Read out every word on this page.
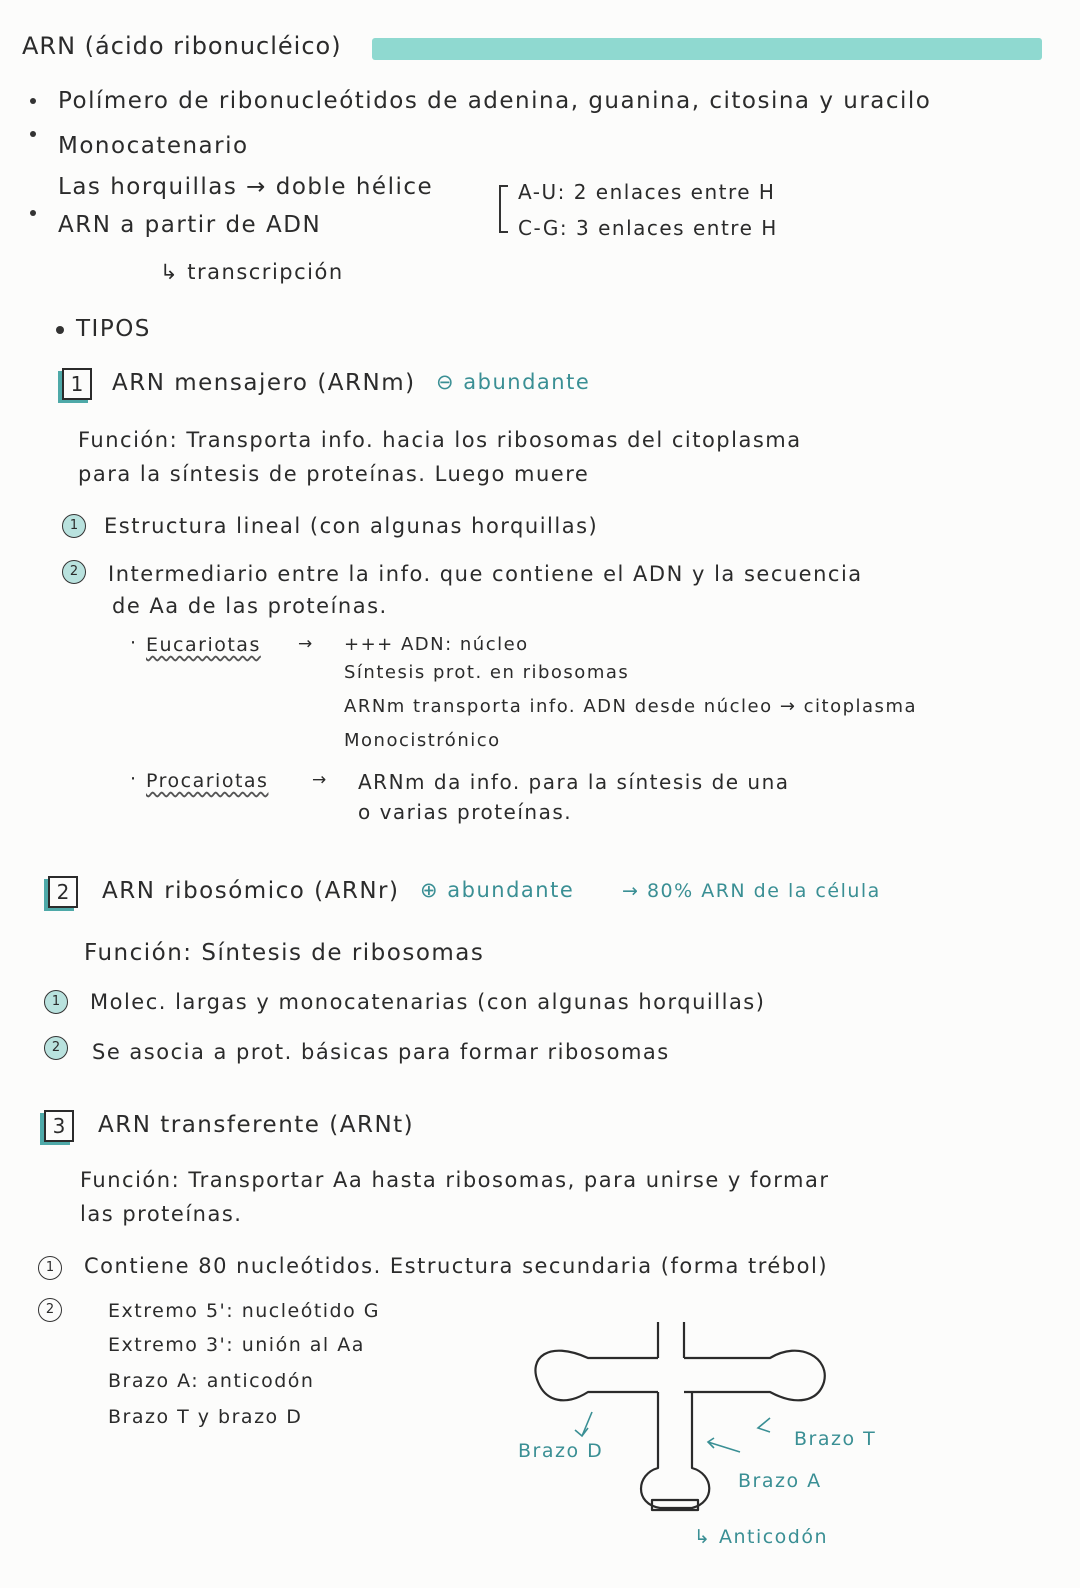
ARN (ácido ribonucléico)
Polímero de ribonucleótidos de adenina, guanina, citosina y uracilo
Monocatenario
Las horquillas → doble hélice
ARN a partir de ADN
↳ transcripción
A-U: 2 enlaces entre H
C-G: 3 enlaces entre H
TIPOS
1	ARN mensajero (ARNm) ⊖ abundante
Función: Transporta info. hacia los ribosomas del citoplasma
para la síntesis de proteínas. Luego muere
1	Estructura lineal (con algunas horquillas)
2	Intermediario entre la info. que contiene el ADN y la secuencia
de Aa de las proteínas.
· Eucariotas → +++ ADN: núcleo
Síntesis prot. en ribosomas
ARNm transporta info. ADN desde núcleo → citoplasma
Monocistrónico
· Procariotas	→ ARNm da info. para la síntesis de una
o varias proteínas.
2	ARN ribosómico (ARNr) ⊕ abundante	→ 80% ARN de la célula
Función: Síntesis de ribosomas
1	Molec. largas y monocatenarias (con algunas horquillas)
2	Se asocia a prot. básicas para formar ribosomas
3	ARN transferente (ARNt)
Función: Transportar Aa hasta ribosomas, para unirse y formar
las proteínas.
1	Contiene 80 nucleótidos. Estructura secundaria (forma trébol)
2	Extremo 5': nucleótido G
Extremo 3': unión al Aa
Brazo A: anticodón
Brazo T y brazo D
Brazo D
Brazo T
Brazo A
↳ Anticodón
